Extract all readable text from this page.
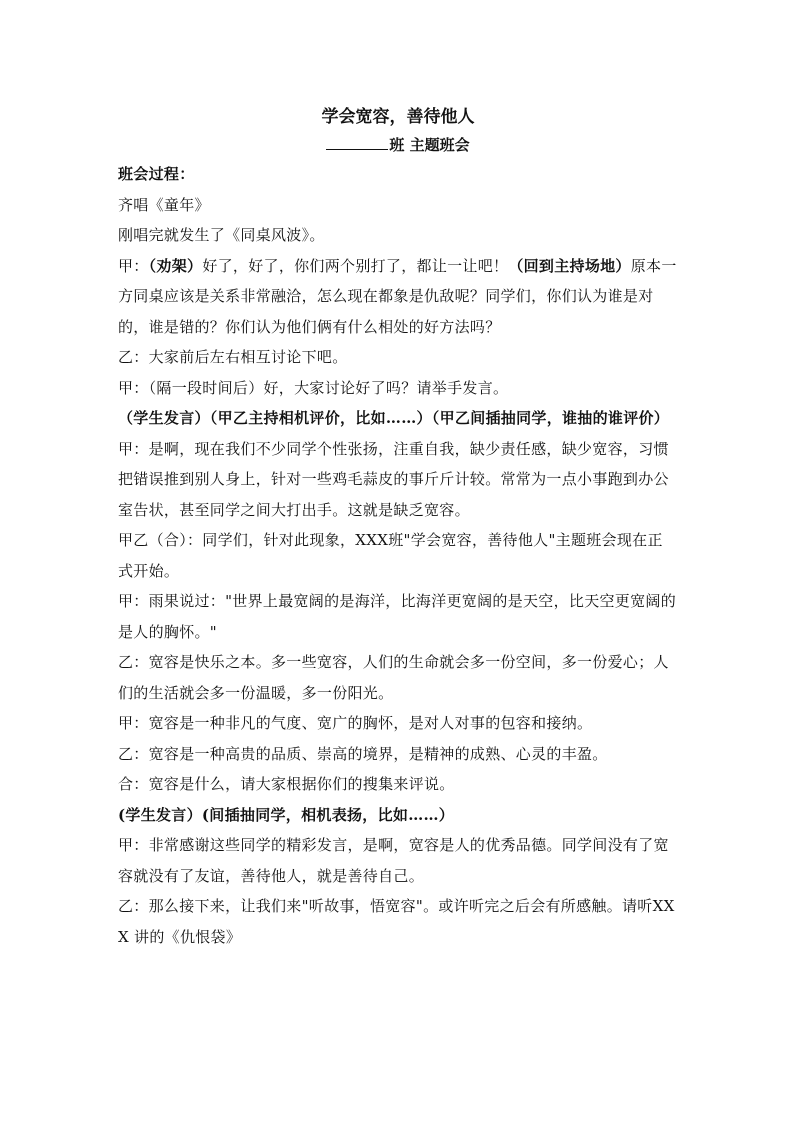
学会宽容，善待他人
班 主题班会

班会过程：

齐唱《童年》

刚唱完就发生了《同桌风波》。

甲：（劝架）好了，好了，你们两个别打了，都让一让吧！（回到主持场地）原本一方同桌应该是关系非常融洽，怎么现在都象是仇敌呢？同学们，你们认为谁是对的，谁是错的？你们认为他们俩有什么相处的好方法吗？

乙：大家前后左右相互讨论下吧。

甲：（隔一段时间后）好，大家讨论好了吗？请举手发言。

（学生发言）（甲乙主持相机评价，比如……）（甲乙间插抽同学，谁抽的谁评价）

甲：是啊，现在我们不少同学个性张扬，注重自我，缺少责任感，缺少宽容，习惯把错误推到别人身上，针对一些鸡毛蒜皮的事斤斤计较。常常为一点小事跑到办公室告状，甚至同学之间大打出手。这就是缺乏宽容。

甲乙（合）：同学们，针对此现象，XXX班"学会宽容，善待他人"主题班会现在正式开始。

甲：雨果说过："世界上最宽阔的是海洋，比海洋更宽阔的是天空，比天空更宽阔的是人的胸怀。"

乙：宽容是快乐之本。多一些宽容，人们的生命就会多一份空间，多一份爱心；人们的生活就会多一份温暖，多一份阳光。

甲：宽容是一种非凡的气度、宽广的胸怀，是对人对事的包容和接纳。

乙：宽容是一种高贵的品质、崇高的境界，是精神的成熟、心灵的丰盈。

合：宽容是什么，请大家根据你们的搜集来评说。

(学生发言）(间插抽同学，相机表扬，比如……）

甲：非常感谢这些同学的精彩发言，是啊，宽容是人的优秀品德。同学间没有了宽容就没有了友谊，善待他人，就是善待自己。

乙：那么接下来，让我们来"听故事，悟宽容"。或许听完之后会有所感触。请听XXX 讲的《仇恨袋》
